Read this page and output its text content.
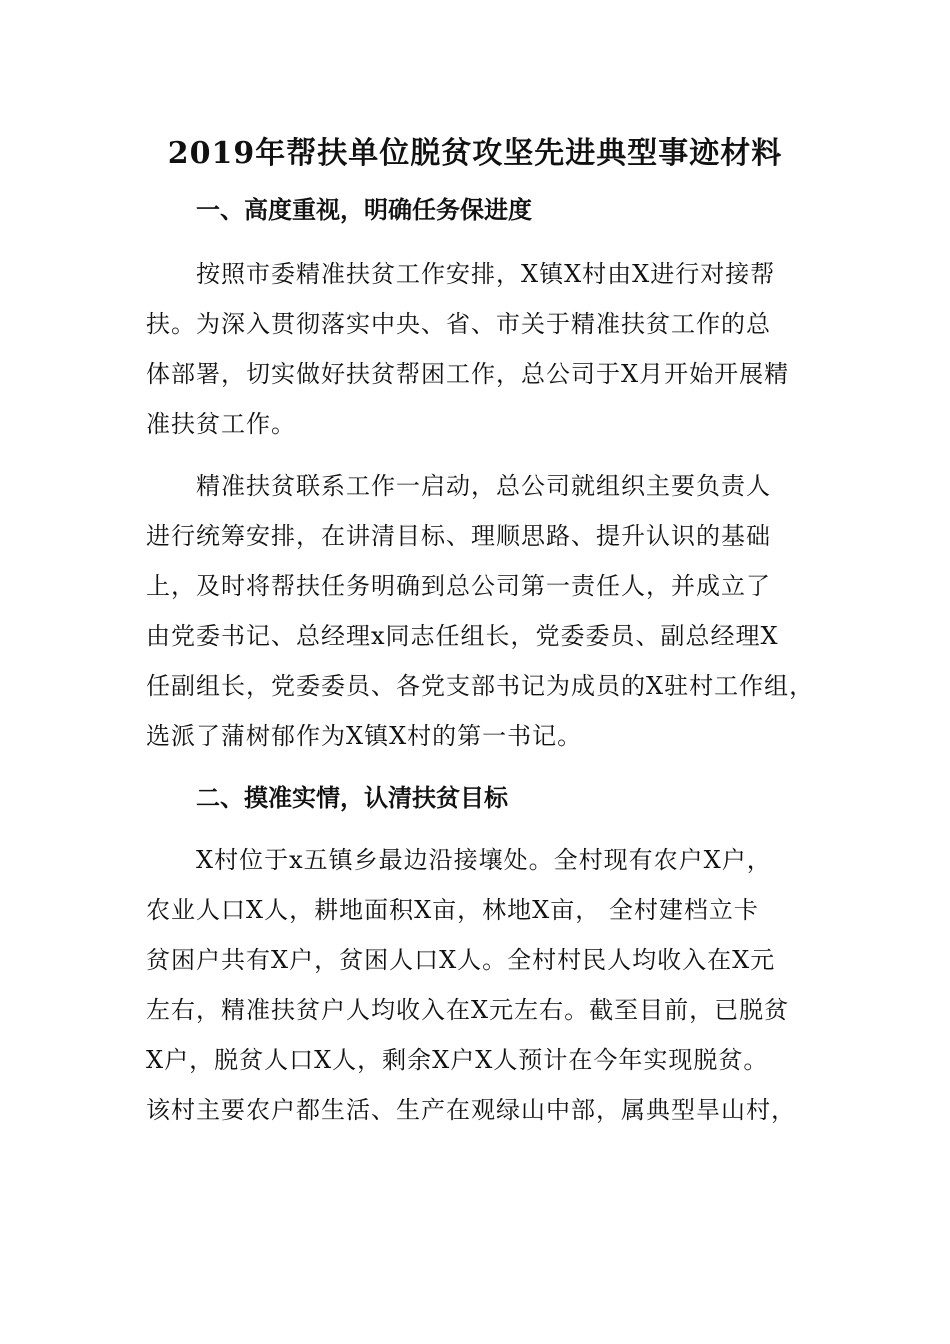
2019年帮扶单位脱贫攻坚先进典型事迹材料
一、高度重视，明确任务保进度
按照市委精准扶贫工作安排，X镇X村由X进行对接帮
扶。为深入贯彻落实中央、省、市关于精准扶贫工作的总
体部署，切实做好扶贫帮困工作，总公司于X月开始开展精
准扶贫工作。
精准扶贫联系工作一启动，总公司就组织主要负责人
进行统筹安排，在讲清目标、理顺思路、提升认识的基础
上，及时将帮扶任务明确到总公司第一责任人，并成立了
由党委书记、总经理x同志任组长，党委委员、副总经理X
任副组长，党委委员、各党支部书记为成员的X驻村工作组，
选派了蒲树郁作为X镇X村的第一书记。
二、摸准实情，认清扶贫目标
X村位于x五镇乡最边沿接壤处。全村现有农户X户，
农业人口X人，耕地面积X亩，林地X亩， 全村建档立卡
贫困户共有X户，贫困人口X人。全村村民人均收入在X元
左右，精准扶贫户人均收入在X元左右。截至目前，已脱贫
X户，脱贫人口X人，剩余X户X人预计在今年实现脱贫。
该村主要农户都生活、生产在观绿山中部，属典型旱山村，
